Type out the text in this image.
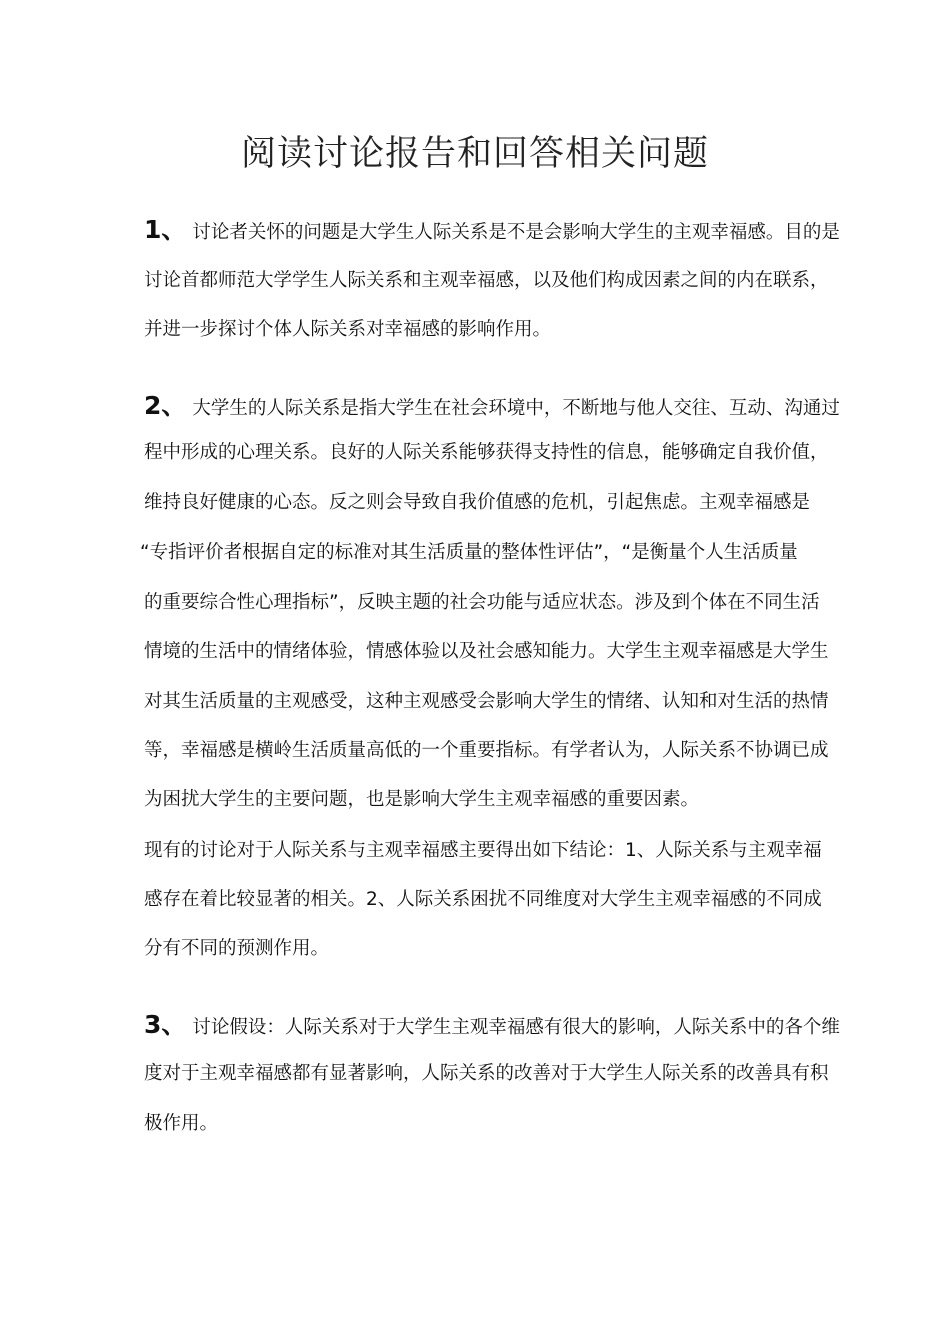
阅读讨论报告和回答相关问题
1、 讨论者关怀的问题是大学生人际关系是不是会影响大学生的主观幸福感。目的是
讨论首都师范大学学生人际关系和主观幸福感，以及他们构成因素之间的内在联系，
并进一步探讨个体人际关系对幸福感的影响作用。
2、 大学生的人际关系是指大学生在社会环境中，不断地与他人交往、互动、沟通过
程中形成的心理关系。良好的人际关系能够获得支持性的信息，能够确定自我价值，
维持良好健康的心态。反之则会导致自我价值感的危机，引起焦虑。主观幸福感是
“专指评价者根据自定的标准对其生活质量的整体性评估”，“是衡量个人生活质量
的重要综合性心理指标”，反映主题的社会功能与适应状态。涉及到个体在不同生活
情境的生活中的情绪体验，情感体验以及社会感知能力。大学生主观幸福感是大学生
对其生活质量的主观感受，这种主观感受会影响大学生的情绪、认知和对生活的热情
等，幸福感是横岭生活质量高低的一个重要指标。有学者认为，人际关系不协调已成
为困扰大学生的主要问题，也是影响大学生主观幸福感的重要因素。
现有的讨论对于人际关系与主观幸福感主要得出如下结论：1、人际关系与主观幸福
感存在着比较显著的相关。2、人际关系困扰不同维度对大学生主观幸福感的不同成
分有不同的预测作用。
3、 讨论假设：人际关系对于大学生主观幸福感有很大的影响，人际关系中的各个维
度对于主观幸福感都有显著影响，人际关系的改善对于大学生人际关系的改善具有积
极作用。
